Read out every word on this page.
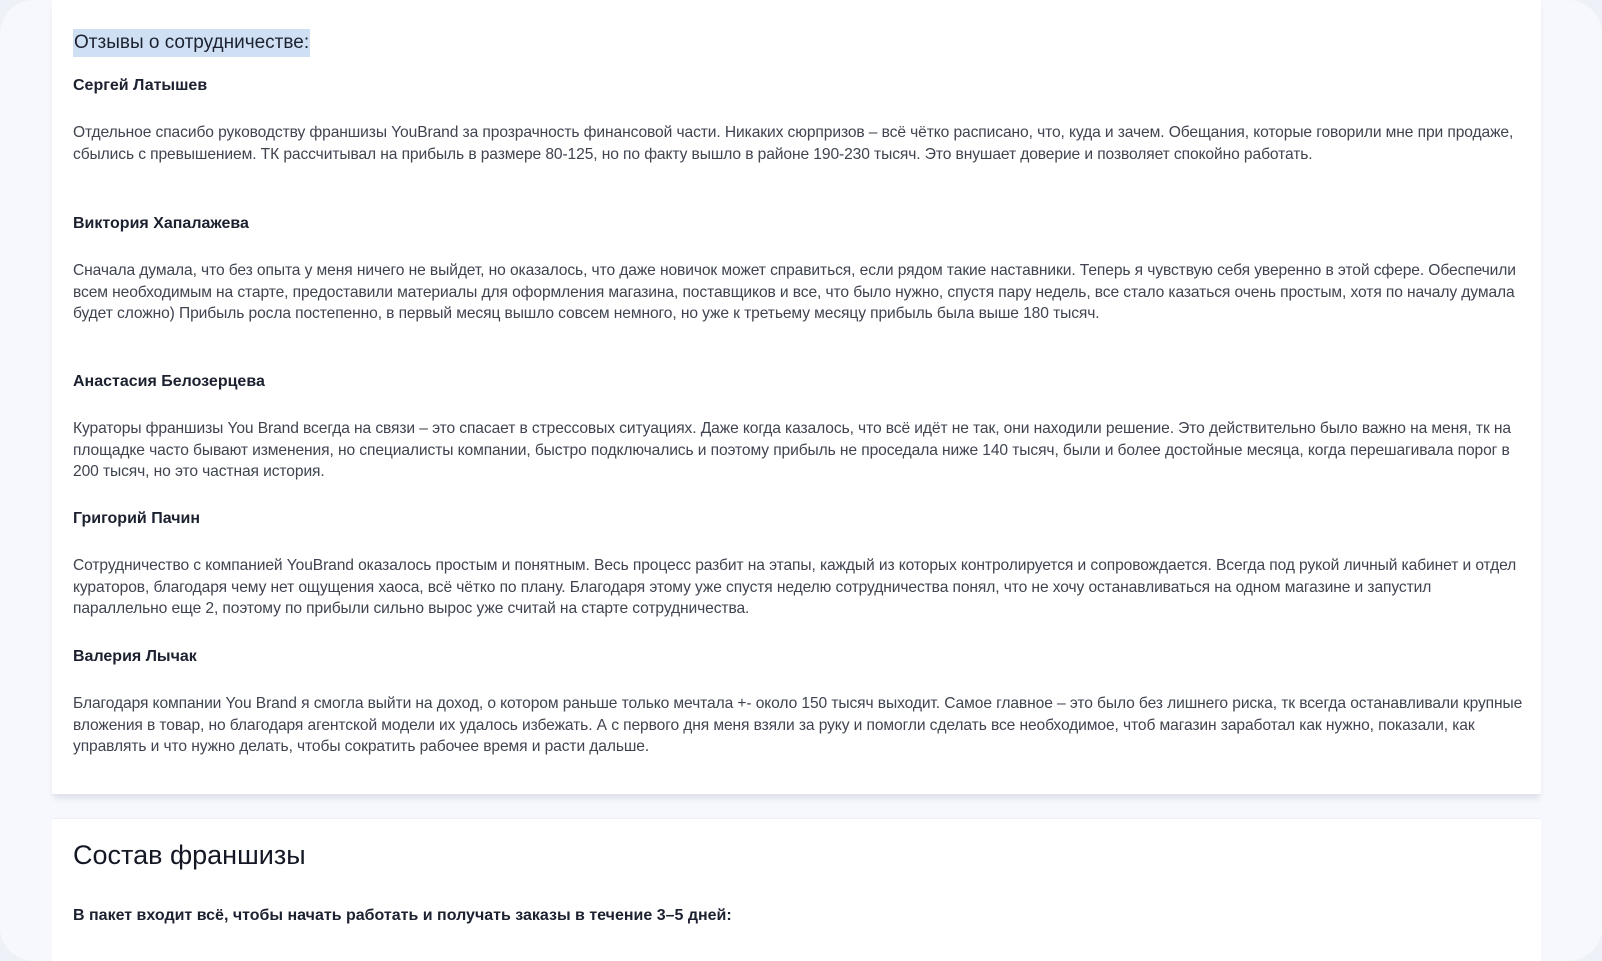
Отзывы о сотрудничестве:

Сергей Латышев

Отдельное спасибо руководству франшизы YouBrand за прозрачность финансовой части. Никаких сюрпризов – всё чётко расписано, что, куда и зачем. Обещания, которые говорили мне при продаже, сбылись с превышением. ТК рассчитывал на прибыль в размере 80-125, но по факту вышло в районе 190-230 тысяч. Это внушает доверие и позволяет спокойно работать.

Виктория Хапалажева

Сначала думала, что без опыта у меня ничего не выйдет, но оказалось, что даже новичок может справиться, если рядом такие наставники. Теперь я чувствую себя уверенно в этой сфере. Обеспечили всем необходимым на старте, предоставили материалы для оформления магазина, поставщиков и все, что было нужно, спустя пару недель, все стало казаться очень простым, хотя по началу думала будет сложно) Прибыль росла постепенно, в первый месяц вышло совсем немного, но уже к третьему месяцу прибыль была выше 180 тысяч.

Анастасия Белозерцева

Кураторы франшизы You Brand всегда на связи – это спасает в стрессовых ситуациях. Даже когда казалось, что всё идёт не так, они находили решение. Это действительно было важно на меня, тк на площадке часто бывают изменения, но специалисты компании, быстро подключались и поэтому прибыль не проседала ниже 140 тысяч, были и более достойные месяца, когда перешагивала порог в 200 тысяч, но это частная история.

Григорий Пачин

Сотрудничество с компанией YouBrand оказалось простым и понятным. Весь процесс разбит на этапы, каждый из которых контролируется и сопровождается. Всегда под рукой личный кабинет и отдел кураторов, благодаря чему нет ощущения хаоса, всё чётко по плану. Благодаря этому уже спустя неделю сотрудничества понял, что не хочу останавливаться на одном магазине и запустил параллельно еще 2, поэтому по прибыли сильно вырос уже считай на старте сотрудничества.

Валерия Лычак

Благодаря компании You Brand я смогла выйти на доход, о котором раньше только мечтала +- около 150 тысяч выходит. Самое главное – это было без лишнего риска, тк всегда останавливали крупные вложения в товар, но благодаря агентской модели их удалось избежать. А с первого дня меня взяли за руку и помогли сделать все необходимое, чтоб магазин заработал как нужно, показали, как управлять и что нужно делать, чтобы сократить рабочее время и расти дальше.

Состав франшизы

В пакет входит всё, чтобы начать работать и получать заказы в течение 3–5 дней:
